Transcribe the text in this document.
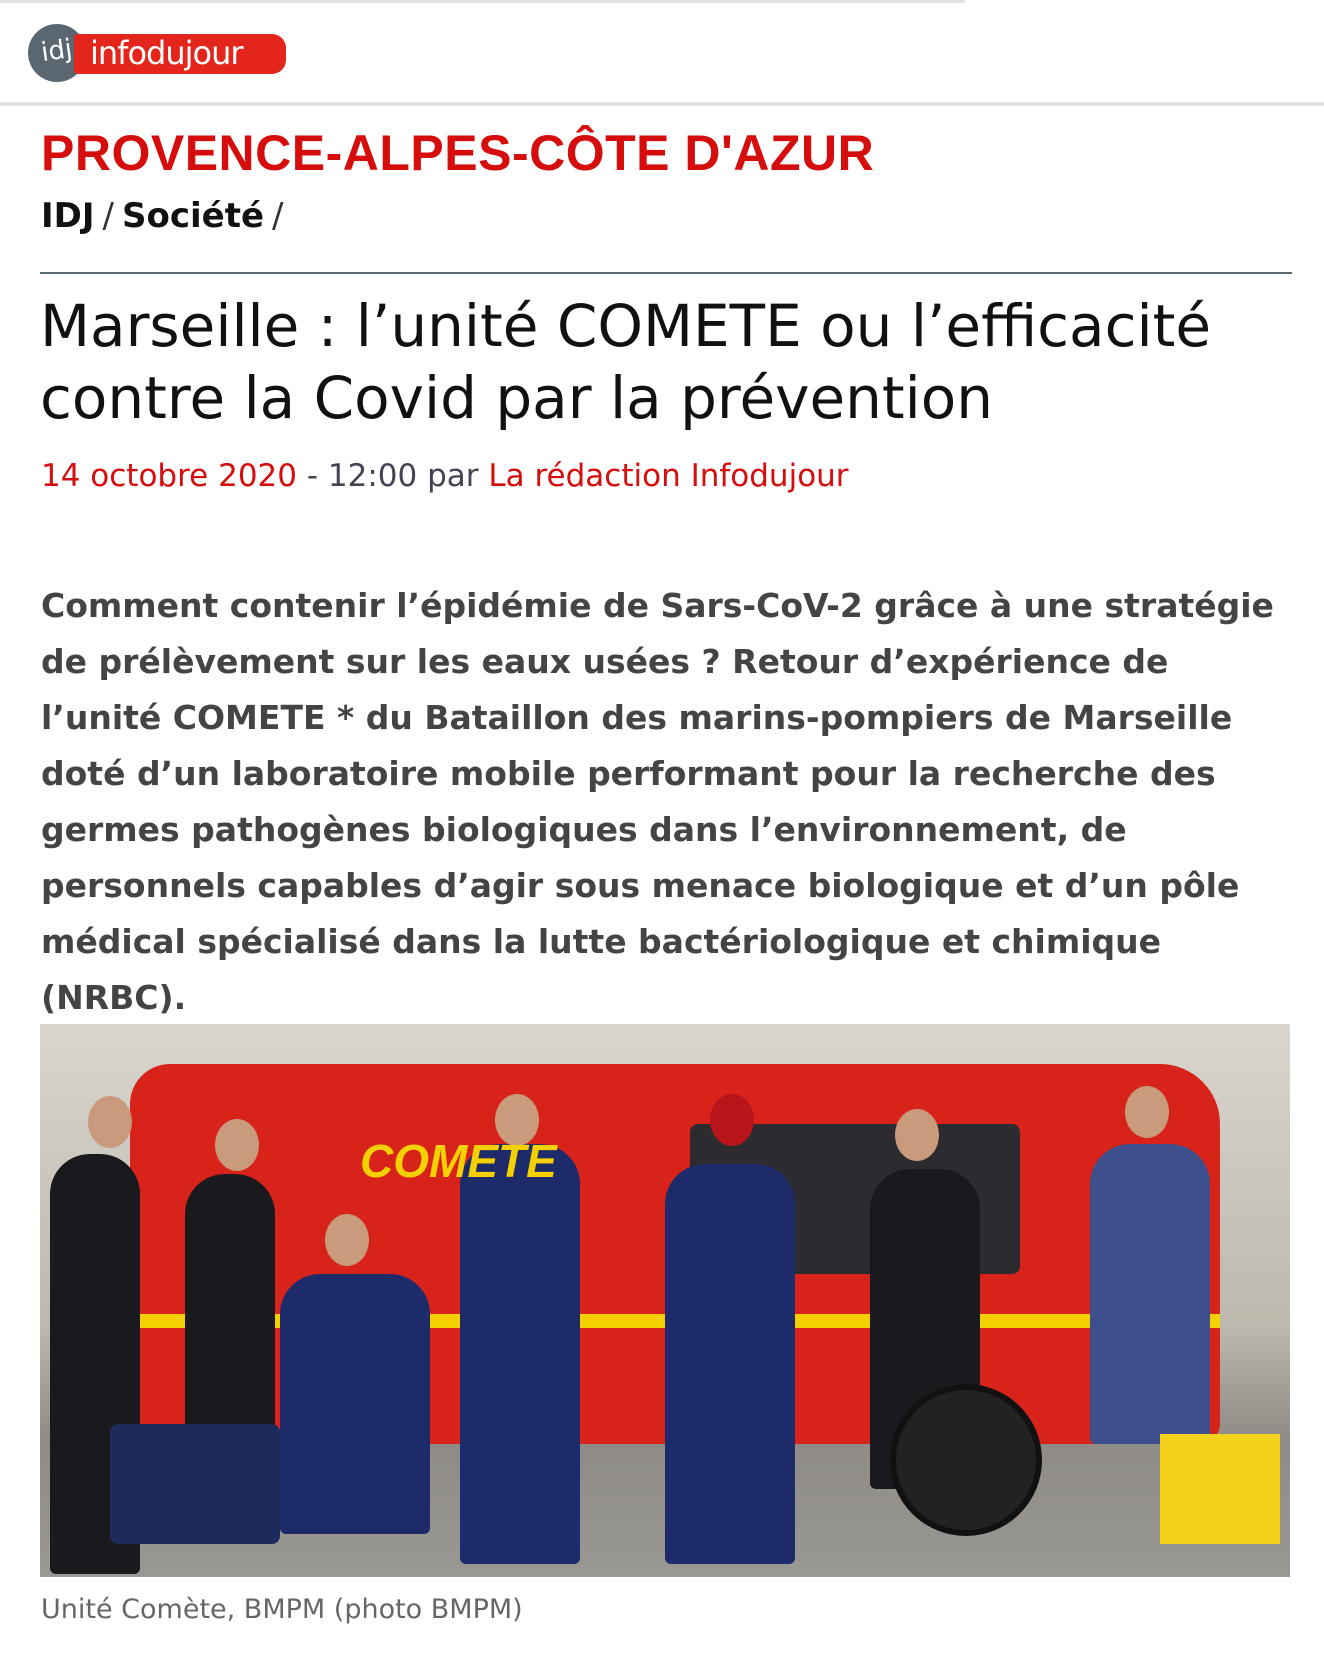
idj infodujour
PROVENCE-ALPES-CÔTE D'AZUR
IDJ / Société /
Marseille : l’unité COMETE ou l’efficacité contre la Covid par la prévention
14 octobre 2020 - 12:00 par La rédaction Infodujour

Comment contenir l’épidémie de Sars-CoV-2 grâce à une stratégie de prélèvement sur les eaux usées ? Retour d’expérience de l’unité COMETE * du Bataillon des marins-pompiers de Marseille doté d’un laboratoire mobile performant pour la recherche des germes pathogènes biologiques dans l’environnement, de personnels capables d’agir sous menace biologique et d’un pôle médical spécialisé dans la lutte bactériologique et chimique (NRBC).

COMETE
Unité Comète, BMPM (photo BMPM)
